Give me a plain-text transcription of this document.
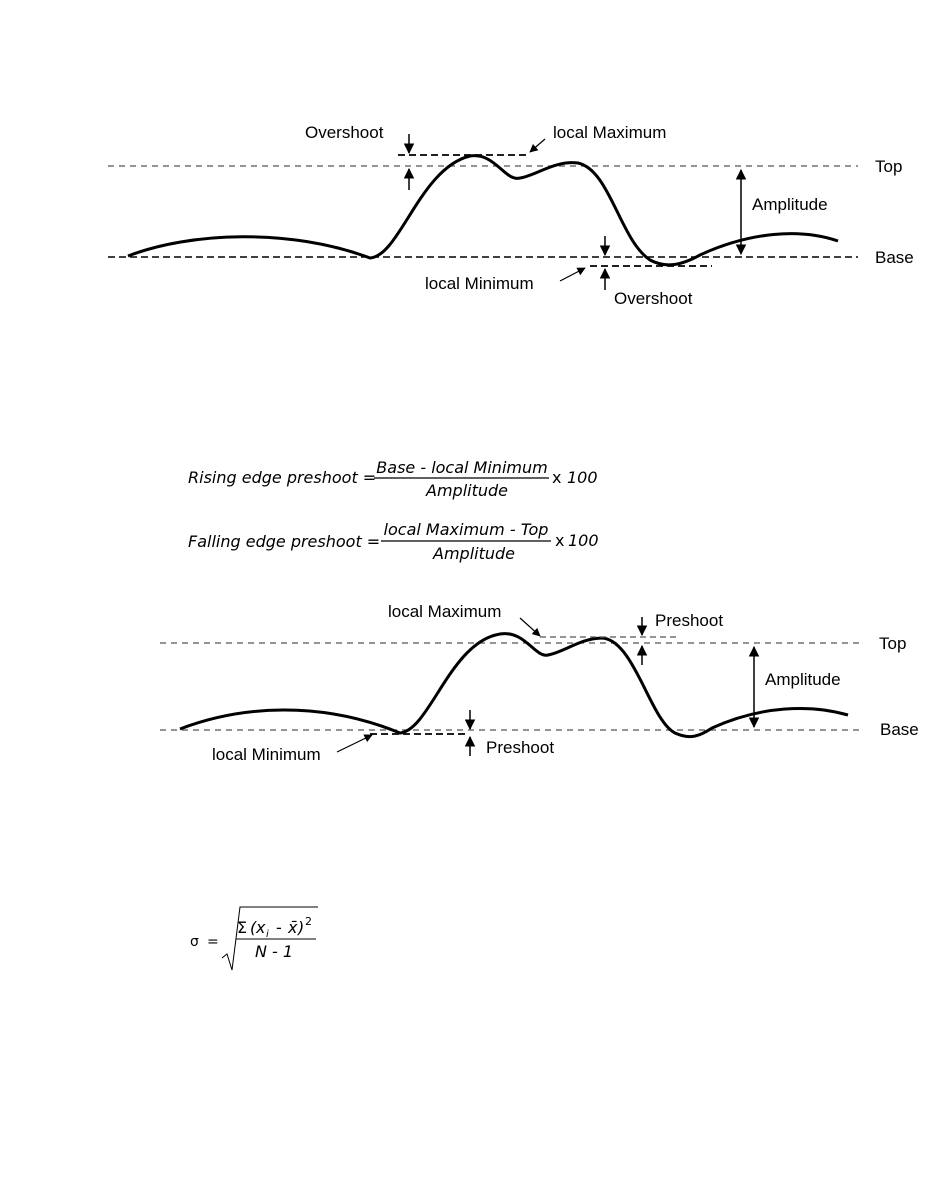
Overshoot	local Maximum
Top
Amplitude
Base
local Minimum
Overshoot
Rising edge preshoot =
Base - local Minimum
Amplitude
x 100
Falling edge preshoot =
local Maximum - Top
Amplitude
x 100
local Maximum	Preshoot
Top
Amplitude
Base
local Minimum	Preshoot
σ =
Σ ( x i - x̄ ) 2
N - 1
